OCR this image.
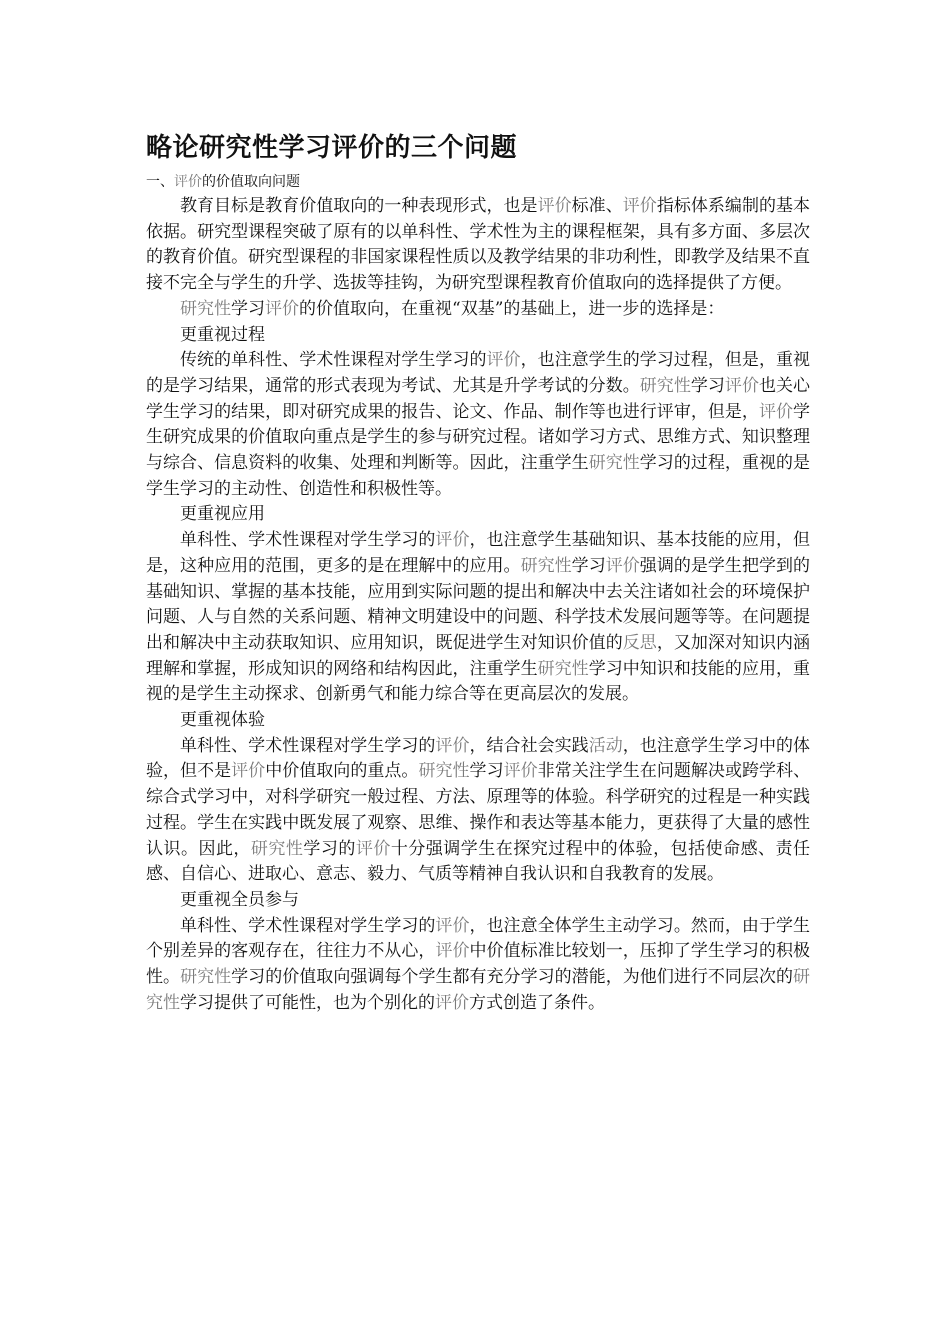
略论研究性学习评价的三个问题
一、评价的价值取向问题

教育目标是教育价值取向的一种表现形式，也是评价标准、评价指标体系编制的基本依据。研究型课程突破了原有的以单科性、学术性为主的课程框架，具有多方面、多层次的教育价值。研究型课程的非国家课程性质以及教学结果的非功利性，即教学及结果不直接不完全与学生的升学、选拔等挂钩，为研究型课程教育价值取向的选择提供了方便。

研究性学习评价的价值取向，在重视“双基”的基础上，进一步的选择是：

更重视过程

传统的单科性、学术性课程对学生学习的评价，也注意学生的学习过程，但是，重视的是学习结果，通常的形式表现为考试、尤其是升学考试的分数。研究性学习评价也关心学生学习的结果，即对研究成果的报告、论文、作品、制作等也进行评审，但是，评价学生研究成果的价值取向重点是学生的参与研究过程。诸如学习方式、思维方式、知识整理与综合、信息资料的收集、处理和判断等。因此，注重学生研究性学习的过程，重视的是学生学习的主动性、创造性和积极性等。

更重视应用

单科性、学术性课程对学生学习的评价，也注意学生基础知识、基本技能的应用，但是，这种应用的范围，更多的是在理解中的应用。研究性学习评价强调的是学生把学到的基础知识、掌握的基本技能，应用到实际问题的提出和解决中去关注诸如社会的环境保护问题、人与自然的关系问题、精神文明建设中的问题、科学技术发展问题等等。在问题提出和解决中主动获取知识、应用知识，既促进学生对知识价值的反思，又加深对知识内涵理解和掌握，形成知识的网络和结构因此，注重学生研究性学习中知识和技能的应用，重视的是学生主动探求、创新勇气和能力综合等在更高层次的发展。

更重视体验

单科性、学术性课程对学生学习的评价，结合社会实践活动，也注意学生学习中的体验，但不是评价中价值取向的重点。研究性学习评价非常关注学生在问题解决或跨学科、综合式学习中，对科学研究一般过程、方法、原理等的体验。科学研究的过程是一种实践过程。学生在实践中既发展了观察、思维、操作和表达等基本能力，更获得了大量的感性认识。因此，研究性学习的评价十分强调学生在探究过程中的体验，包括使命感、责任感、自信心、进取心、意志、毅力、气质等精神自我认识和自我教育的发展。

更重视全员参与

单科性、学术性课程对学生学习的评价，也注意全体学生主动学习。然而，由于学生个别差异的客观存在，往往力不从心，评价中价值标准比较划一，压抑了学生学习的积极性。研究性学习的价值取向强调每个学生都有充分学习的潜能，为他们进行不同层次的研究性学习提供了可能性，也为个别化的评价方式创造了条件。
